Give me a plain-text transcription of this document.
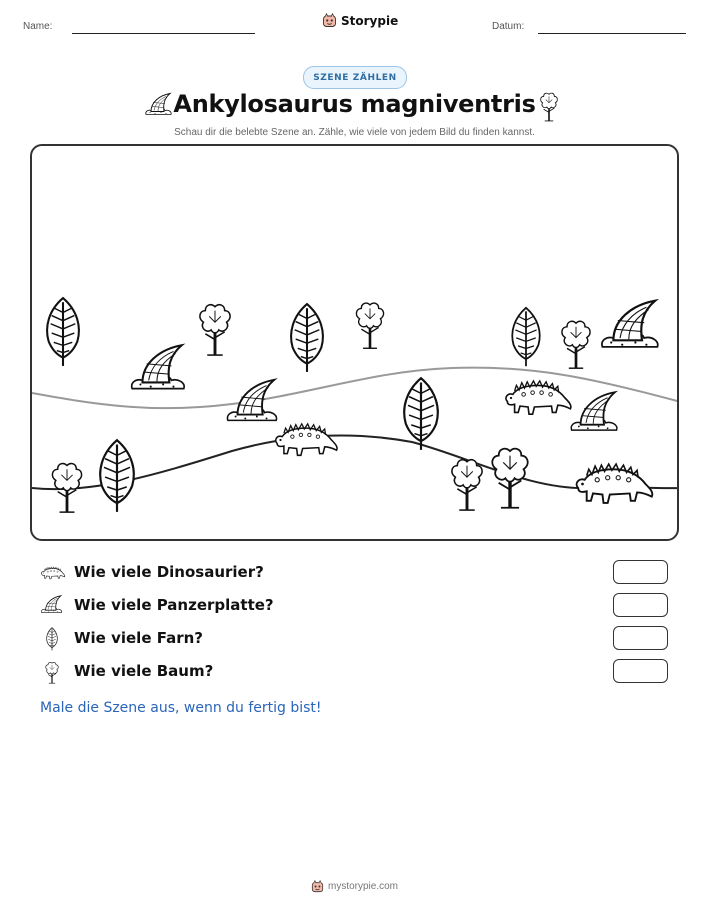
Name:	Storypie	Datum:
SZENE ZÄHLEN
Ankylosaurus magniventris
Schau dir die belebte Szene an. Zähle, wie viele von jedem Bild du finden kannst.
Wie viele Dinosaurier?
Wie viele Panzerplatte?
Wie viele Farn?
Wie viele Baum?
Male die Szene aus, wenn du fertig bist!
mystorypie.com
